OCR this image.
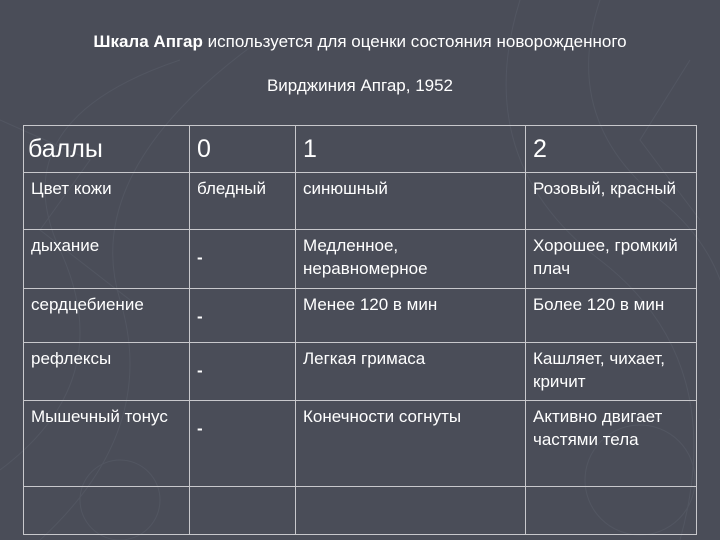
Шкала Апгар используется для оценки состояния новорожденного
Вирджиния Апгар, 1952
баллы	0	1	2
Цвет кожи	бледный	синюшный	Розовый, красный
дыхание	-	Медленное, неравномерное	Хорошее, громкий плач
сердцебиение	-	Менее 120 в мин	Более 120 в мин
рефлексы	-	Легкая гримаса	Кашляет, чихает, кричит
Мышечный тонус	-	Конечности согнуты	Активно двигает частями тела
